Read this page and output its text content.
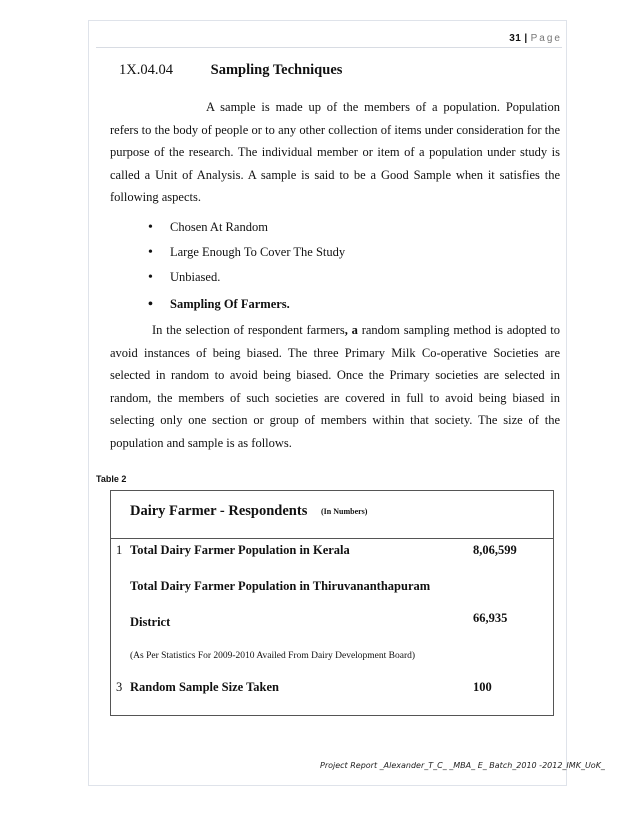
31 | Page
1X.04.04	Sampling Techniques

A sample is made up of the members of a population. Population refers to the body of people or to any other collection of items under consideration for the purpose of the research. The individual member or item of a population under study is called a Unit of Analysis. A sample is said to be a Good Sample when it satisfies the following aspects.

•	Chosen At Random
•	Large Enough To Cover The Study
•	Unbiased.
•	Sampling Of Farmers.

In the selection of respondent farmers, a random sampling method is adopted to avoid instances of being biased. The three Primary Milk Co-operative Societies are selected in random to avoid being biased. Once the Primary societies are selected in random, the members of such societies are covered in full to avoid being biased in selecting only one section or group of members within that society. The size of the population and sample is as follows.

Table 2
Dairy Farmer - Respondents (In Numbers)
1 Total Dairy Farmer Population in Kerala	8,06,599
Total Dairy Farmer Population in Thiruvananthapuram
District	66,935
(As Per Statistics For 2009-2010 Availed From Dairy Development Board)
3 Random Sample Size Taken	100
Project Report _Alexander_T_C_ _MBA_ E_ Batch_2010 -2012_IMK_UoK_
